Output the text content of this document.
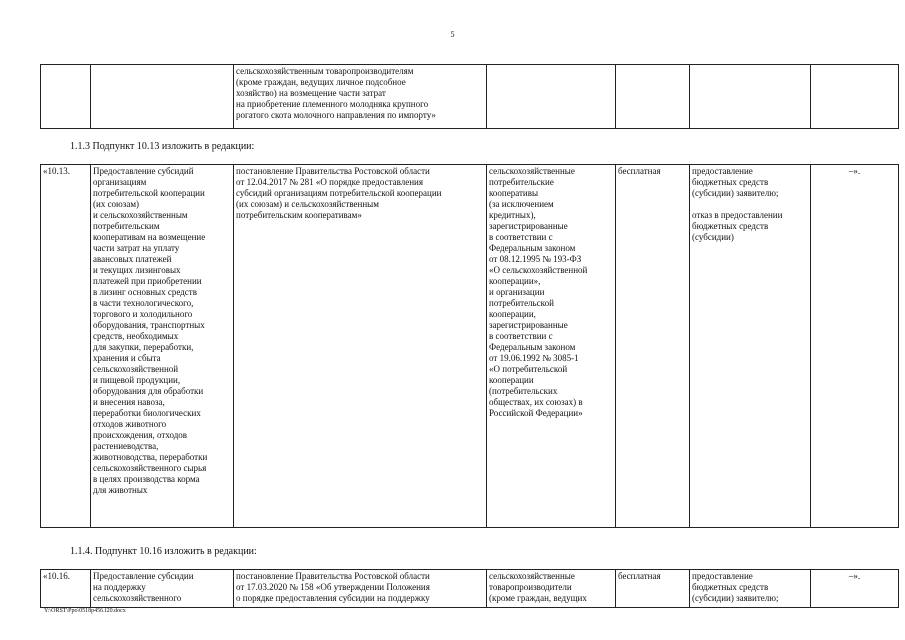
5
		сельскохозяйственным товаропроизводителям
(кроме граждан, ведущих личное подсобное
хозяйство) на возмещение части затрат
на приобретение племенного молодняка крупного
рогатого скота молочного направления по импорту»				
1.1.3 Подпункт 10.13 изложить в редакции:
«10.13.	Предоставление субсидий
организациям
потребительской кооперации
(их союзам)
и сельскохозяйственным
потребительским
кооперативам на возмещение
части затрат на уплату
авансовых платежей
и текущих лизинговых
платежей при приобретении
в лизинг основных средств
в части технологического,
торгового и холодильного
оборудования, транспортных
средств, необходимых
для закупки, переработки,
хранения и сбыта
сельскохозяйственной
и пищевой продукции,
оборудования для обработки
и внесения навоза,
переработки биологических
отходов животного
происхождения, отходов
растениеводства,
животноводства, переработки
сельскохозяйственного сырья
в целях производства корма
для животных	постановление Правительства Ростовской области
от 12.04.2017 № 281 «О порядке предоставления
субсидий организациям потребительской кооперации
(их союзам) и сельскохозяйственным
потребительским кооперативам»	сельскохозяйственные
потребительские
кооперативы
(за исключением
кредитных),
зарегистрированные
в соответствии с
Федеральным законом
от 08.12.1995 № 193-ФЗ
«О сельскохозяйственной
кооперации»,
и организации
потребительской
кооперации,
зарегистрированные
в соответствии с
Федеральным законом
от 19.06.1992 № 3085-1
«О потребительской
кооперации
(потребительских
обществах, их союзах) в
Российской Федерации»	бесплатная	предоставление
бюджетных средств
(субсидии) заявителю;

отказ в предоставлении
бюджетных средств
(субсидии)	–».
1.1.4. Подпункт 10.16 изложить в редакции:
«10.16.	Предоставление субсидии
на поддержку
сельскохозяйственного	постановление Правительства Ростовской области
от 17.03.2020 № 158 «Об утверждении Положения
о порядке предоставления субсидии на поддержку	сельскохозяйственные
товаропроизводители
(кроме граждан, ведущих	бесплатная	предоставление
бюджетных средств
(субсидии) заявителю;	–».
Y:\ORST\Ppo\0518p456.f20.docx
